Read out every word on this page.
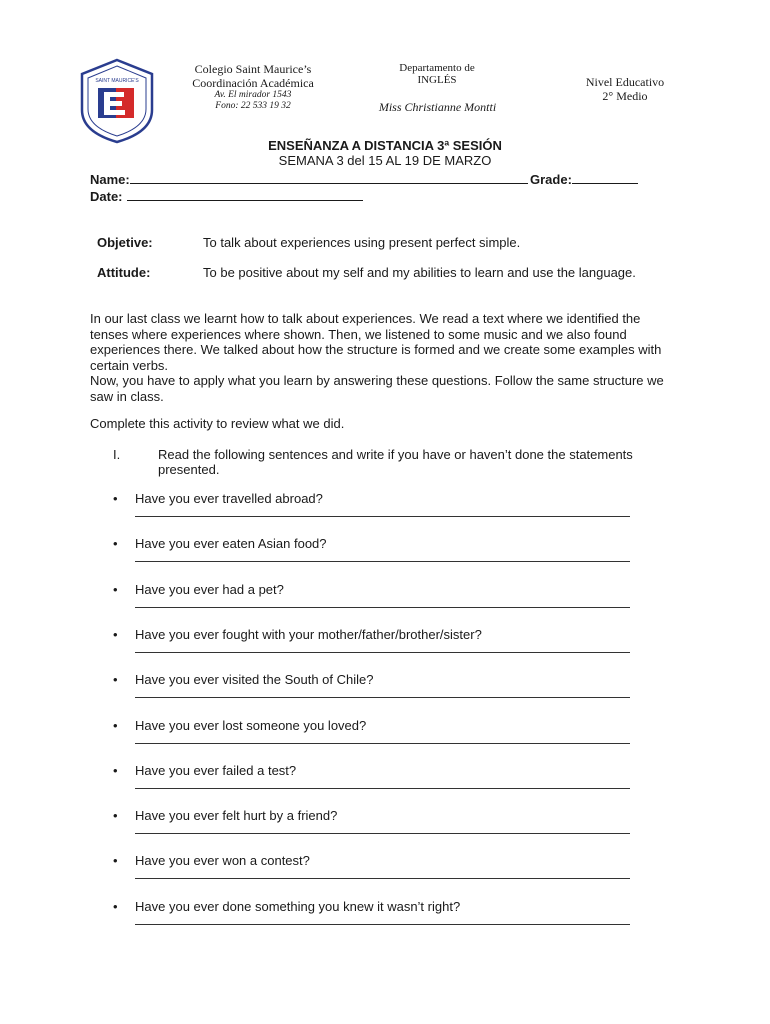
SAINT MAURICE'S
Colegio Saint Maurice’s
Coordinación Académica
Av. El mirador 1543
Fono: 22 533 19 32
Departamento de
INGLÉS
Miss Christianne Montti
Nivel Educativo
2° Medio
ENSEÑANZA A DISTANCIA 3ª SESIÓN
SEMANA 3 del 15 AL 19 DE MARZO
Name:	Grade:
Date:
Objetive:	To talk about experiences using present perfect simple.
Attitude:	To be positive about my self and my abilities to learn and use the language.
In our last class we learnt how to talk about experiences. We read a text where we identified the tenses where experiences where shown. Then, we listened to some music and we also found experiences there. We talked about how the structure is formed and we create some examples with certain verbs.
Now, you have to apply what you learn by answering these questions. Follow the same structure we saw in class.
Complete this activity to review what we did.
I.	Read the following sentences and write if you have or haven’t done the statements presented.
• Have you ever travelled abroad?
• Have you ever eaten Asian food?
• Have you ever had a pet?
• Have you ever fought with your mother/father/brother/sister?
• Have you ever visited the South of Chile?
• Have you ever lost someone you loved?
• Have you ever failed a test?
• Have you ever felt hurt by a friend?
• Have you ever won a contest?
• Have you ever done something you knew it wasn’t right?
